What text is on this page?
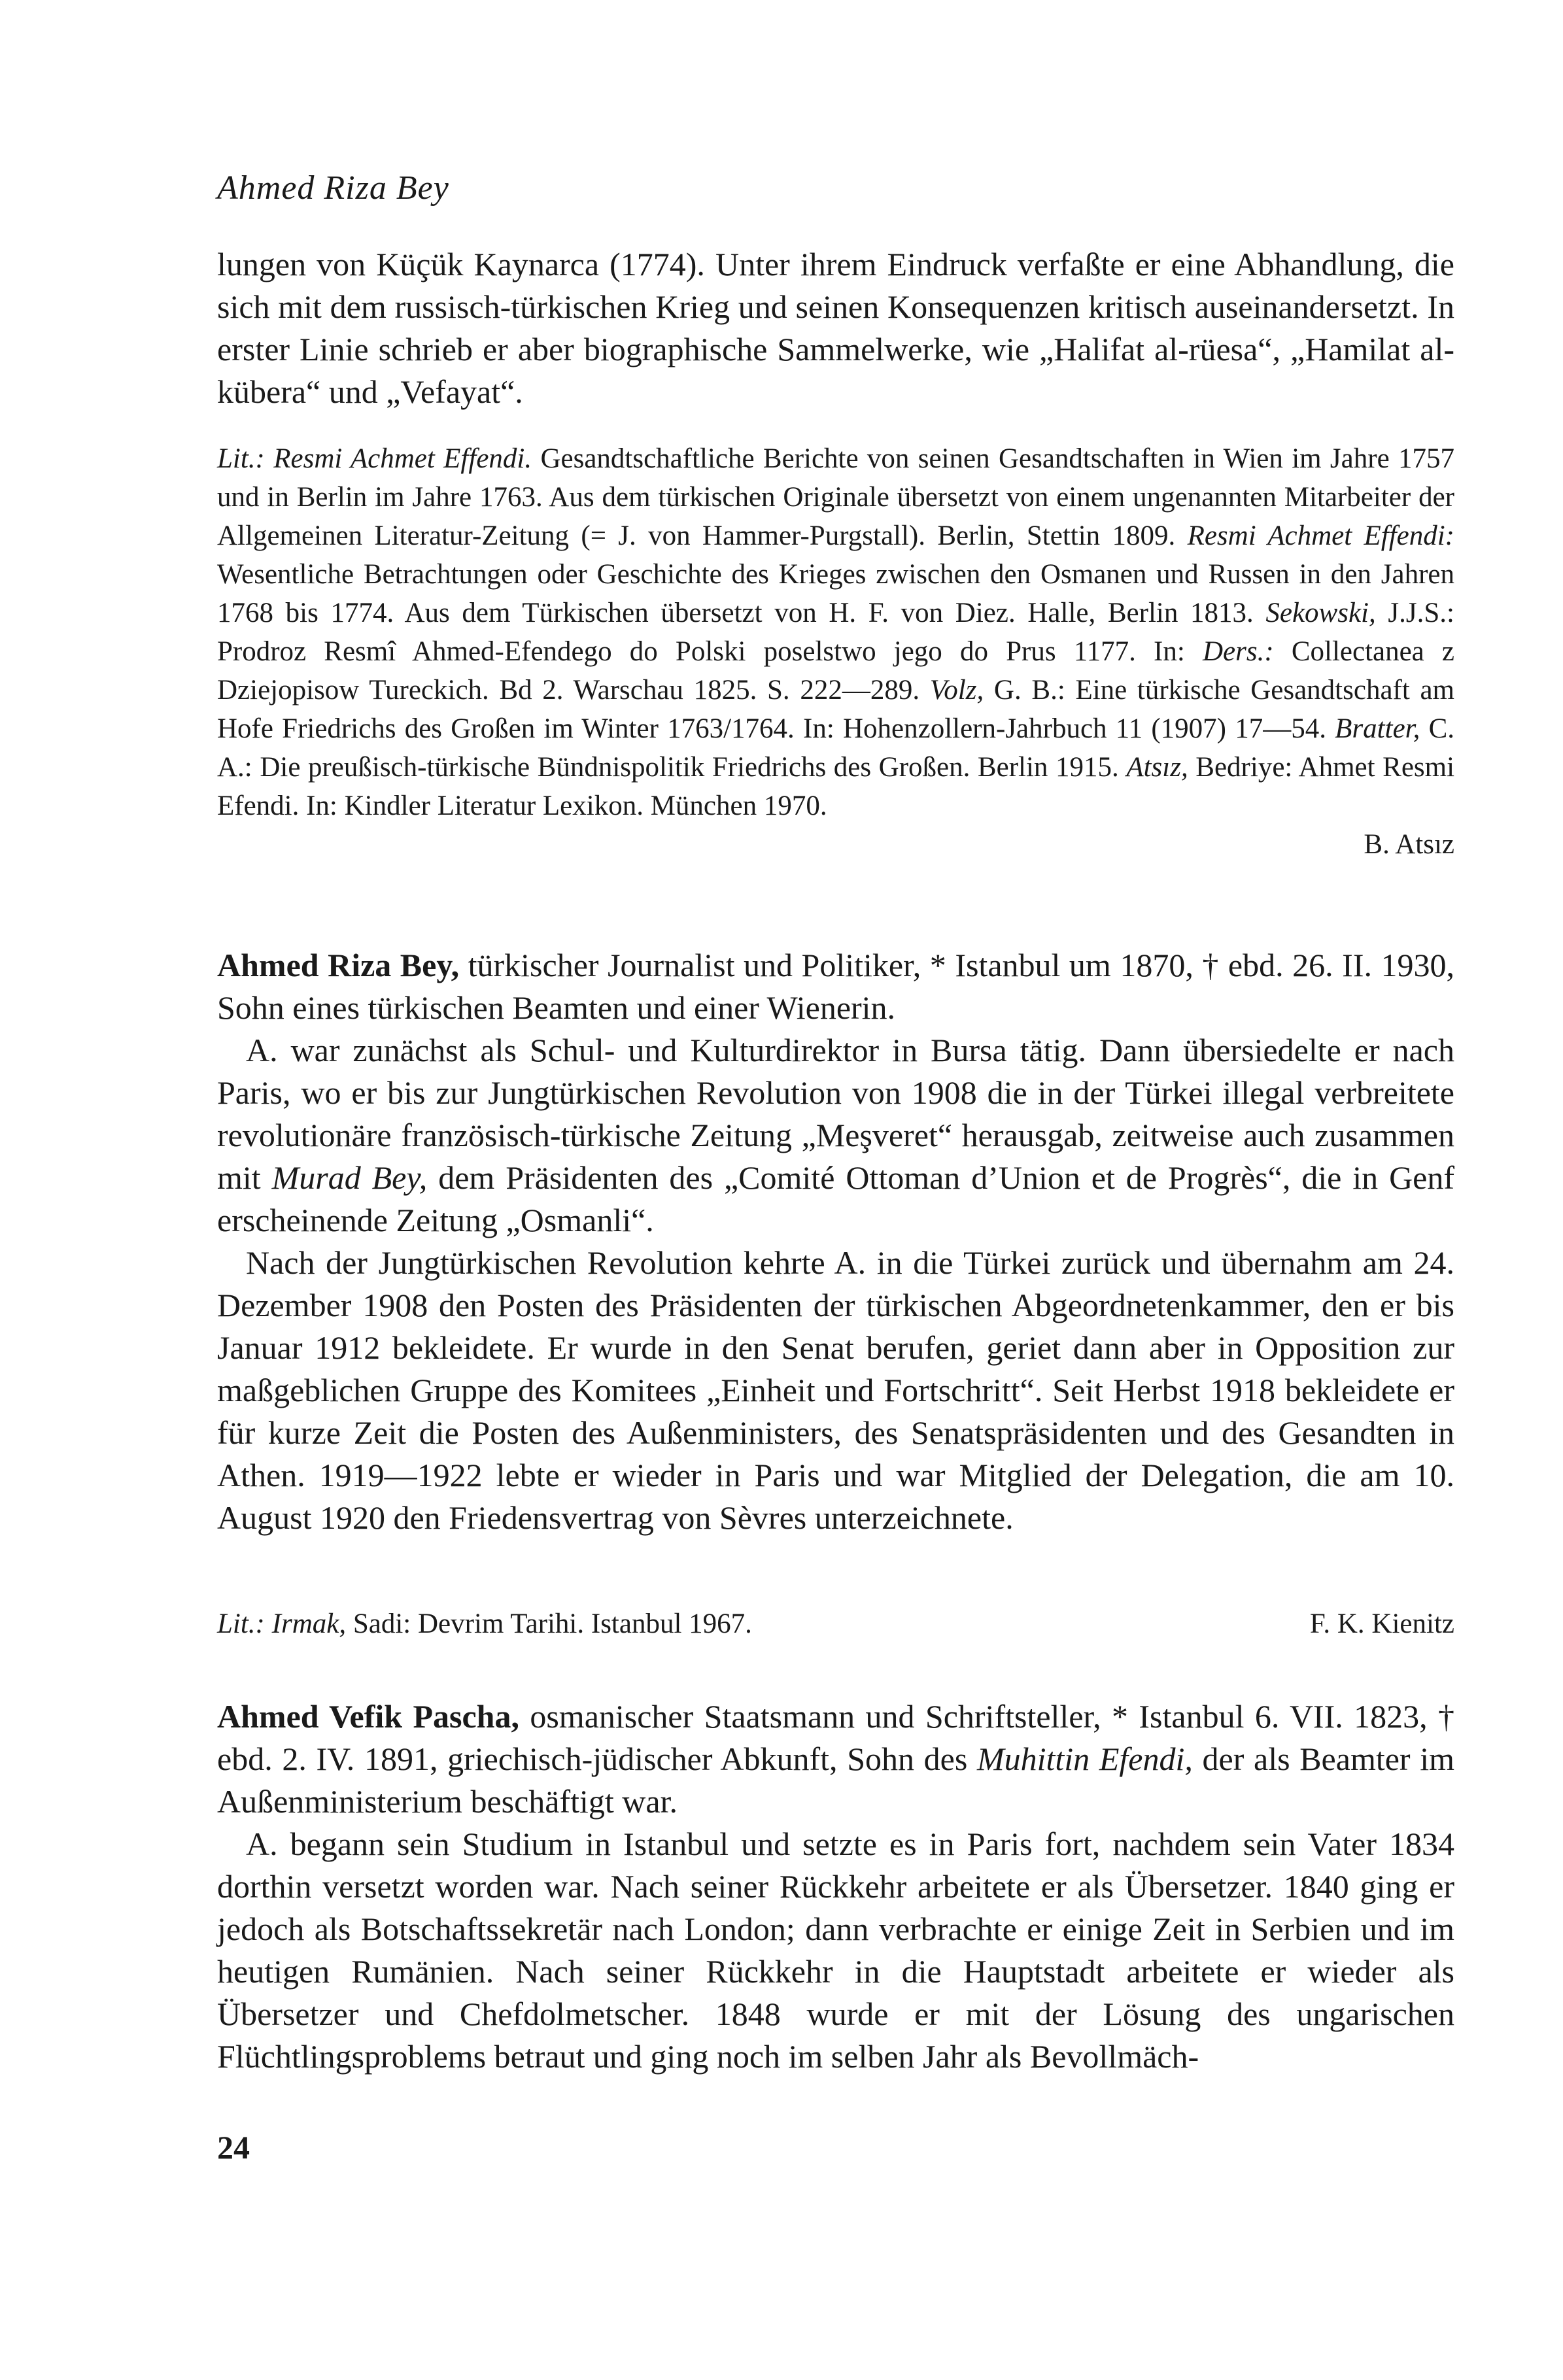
Ahmed Riza Bey

lungen von Küçük Kaynarca (1774). Unter ihrem Eindruck verfaßte er eine Abhandlung, die sich mit dem russisch-türkischen Krieg und seinen Konsequenzen kritisch auseinandersetzt. In erster Linie schrieb er aber biographische Sammelwerke, wie „Halifat al-rüesa“, „Hamilat al-kübera“ und „Vefayat“.

Lit.: Resmi Achmet Effendi. Gesandtschaftliche Berichte von seinen Gesandtschaften in Wien im Jahre 1757 und in Berlin im Jahre 1763. Aus dem türkischen Originale übersetzt von einem ungenannten Mitarbeiter der Allgemeinen Literatur-Zeitung (= J. von Hammer-Purgstall). Berlin, Stettin 1809. Resmi Achmet Effendi: Wesentliche Betrachtungen oder Geschichte des Krieges zwischen den Osmanen und Russen in den Jahren 1768 bis 1774. Aus dem Türkischen übersetzt von H. F. von Diez. Halle, Berlin 1813. Sekowski, J.J.S.: Prodroz Resmî Ahmed-Efendego do Polski poselstwo jego do Prus 1177. In: Ders.: Collectanea z Dziejopisow Tureckich. Bd 2. Warschau 1825. S. 222—289. Volz, G. B.: Eine türkische Gesandtschaft am Hofe Friedrichs des Großen im Winter 1763/1764. In: Hohenzollern-Jahrbuch 11 (1907) 17—54. Bratter, C. A.: Die preußisch-türkische Bündnispolitik Friedrichs des Großen. Berlin 1915. Atsız, Bedriye: Ahmet Resmi Efendi. In: Kindler Literatur Lexikon. München 1970.
B. Atsız

Ahmed Riza Bey, türkischer Journalist und Politiker, * Istanbul um 1870, † ebd. 26. II. 1930, Sohn eines türkischen Beamten und einer Wienerin.

A. war zunächst als Schul- und Kulturdirektor in Bursa tätig. Dann übersiedelte er nach Paris, wo er bis zur Jungtürkischen Revolution von 1908 die in der Türkei illegal verbreitete revolutionäre französisch-türkische Zeitung „Meşveret“ herausgab, zeitweise auch zusammen mit Murad Bey, dem Präsidenten des „Comité Ottoman d’Union et de Progrès“, die in Genf erscheinende Zeitung „Osmanli“.

Nach der Jungtürkischen Revolution kehrte A. in die Türkei zurück und übernahm am 24. Dezember 1908 den Posten des Präsidenten der türkischen Abgeordnetenkammer, den er bis Januar 1912 bekleidete. Er wurde in den Senat berufen, geriet dann aber in Opposition zur maßgeblichen Gruppe des Komitees „Einheit und Fortschritt“. Seit Herbst 1918 bekleidete er für kurze Zeit die Posten des Außenministers, des Senatspräsidenten und des Gesandten in Athen. 1919—1922 lebte er wieder in Paris und war Mitglied der Delegation, die am 10. August 1920 den Friedensvertrag von Sèvres unterzeichnete.

Lit.: Irmak, Sadi: Devrim Tarihi. Istanbul 1967.	F. K. Kienitz

Ahmed Vefik Pascha, osmanischer Staatsmann und Schriftsteller, * Istanbul 6. VII. 1823, † ebd. 2. IV. 1891, griechisch-jüdischer Abkunft, Sohn des Muhittin Efendi, der als Beamter im Außenministerium beschäftigt war.

A. begann sein Studium in Istanbul und setzte es in Paris fort, nachdem sein Vater 1834 dorthin versetzt worden war. Nach seiner Rückkehr arbeitete er als Übersetzer. 1840 ging er jedoch als Botschaftssekretär nach London; dann verbrachte er einige Zeit in Serbien und im heutigen Rumänien. Nach seiner Rückkehr in die Hauptstadt arbeitete er wieder als Übersetzer und Chefdolmetscher. 1848 wurde er mit der Lösung des ungarischen Flüchtlingsproblems betraut und ging noch im selben Jahr als Bevollmäch-

24
